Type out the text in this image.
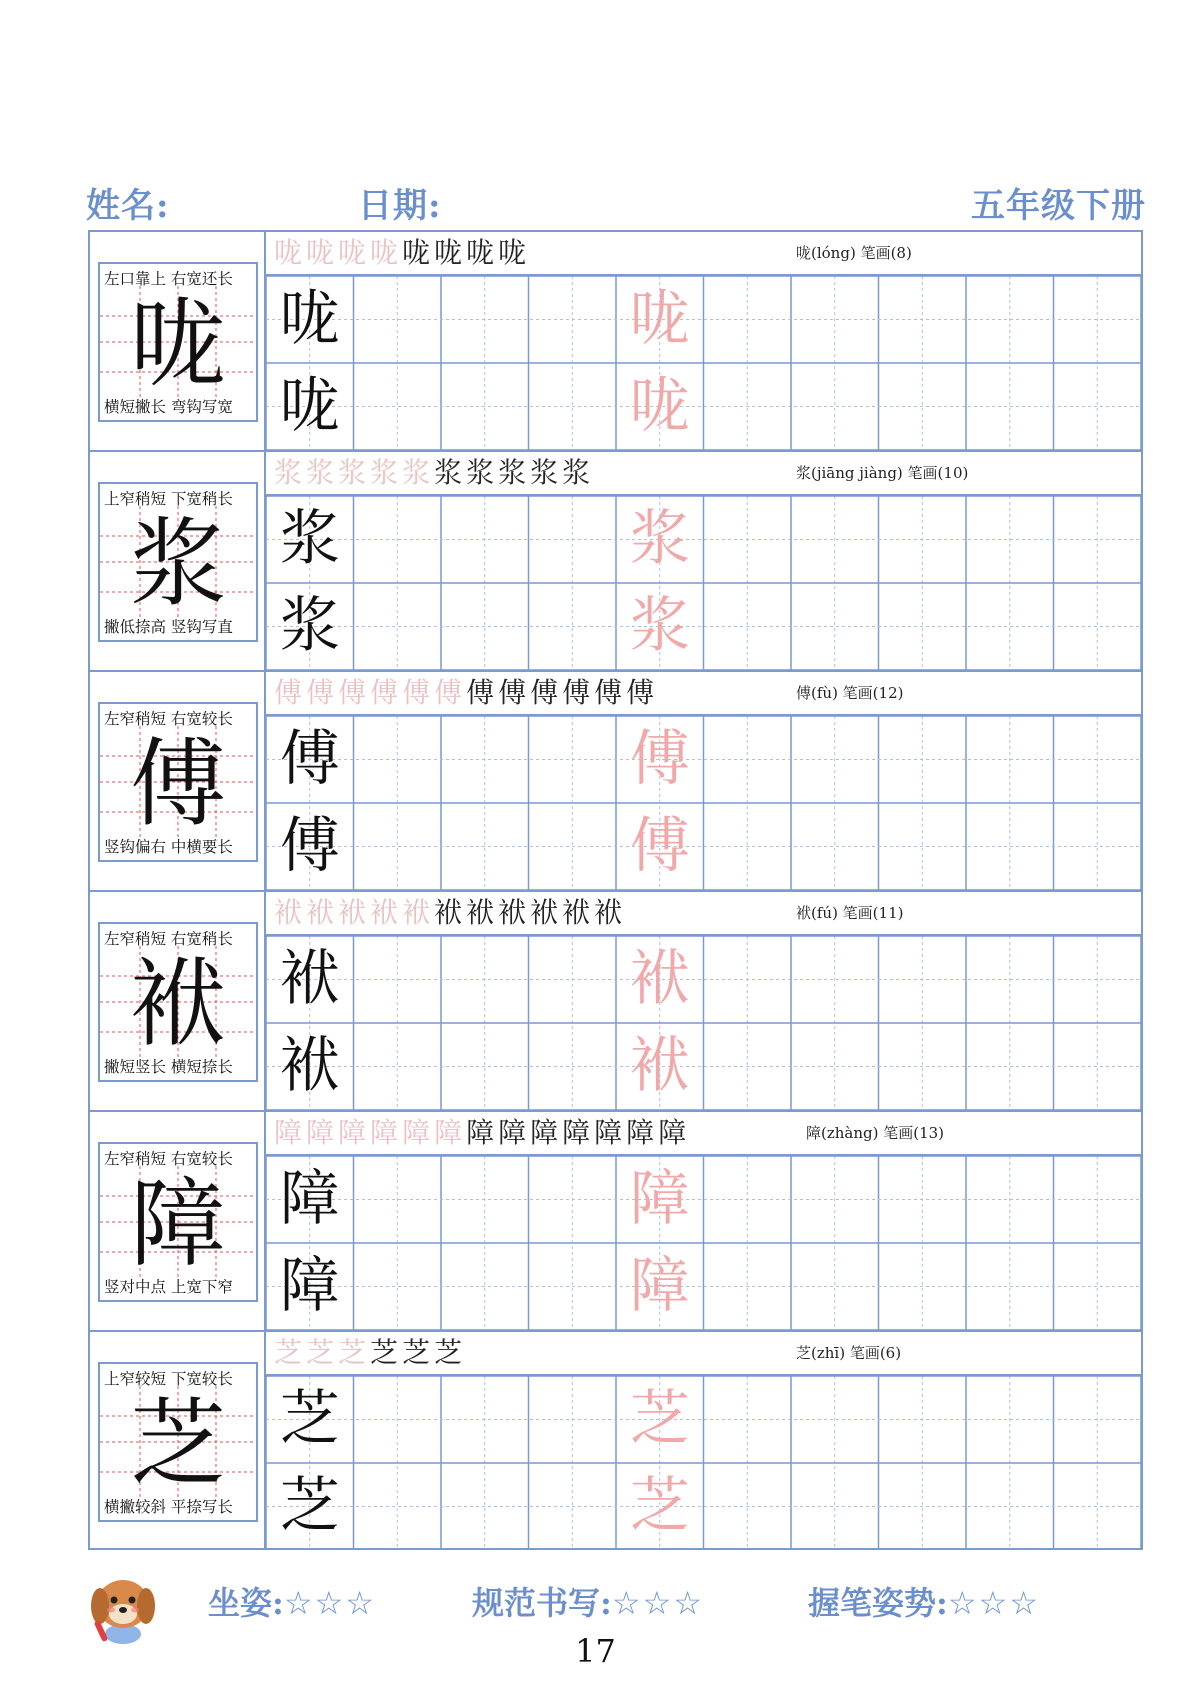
姓名:	日期:	五年级下册
左口靠上 右宽还长
咙
横短撇长 弯钩写宽
咙咙咙咙咙咙咙咙	咙(lóng) 笔画(8)
咙	咙
咙	咙
上窄稍短 下宽稍长
浆
撇低捺高 竖钩写直
浆浆浆浆浆浆浆浆浆浆	浆(jiāng jiàng) 笔画(10)
浆	浆
浆	浆
左窄稍短 右宽较长
傅
竖钩偏右 中横要长
傅傅傅傅傅傅傅傅傅傅傅傅	傅(fù) 笔画(12)
傅	傅
傅	傅
左窄稍短 右宽稍长
袱
撇短竖长 横短捺长
袱袱袱袱袱袱袱袱袱袱袱	袱(fú) 笔画(11)
袱	袱
袱	袱
左窄稍短 右宽较长
障
竖对中点 上宽下窄
障障障障障障障障障障障障障	障(zhàng) 笔画(13)
障	障
障	障
上窄较短 下宽较长
芝
横撇较斜 平捺写长
芝芝芝芝芝芝	芝(zhī) 笔画(6)
芝	芝
芝	芝
坐姿:☆☆☆	规范书写:☆☆☆	握笔姿势:☆☆☆
17
